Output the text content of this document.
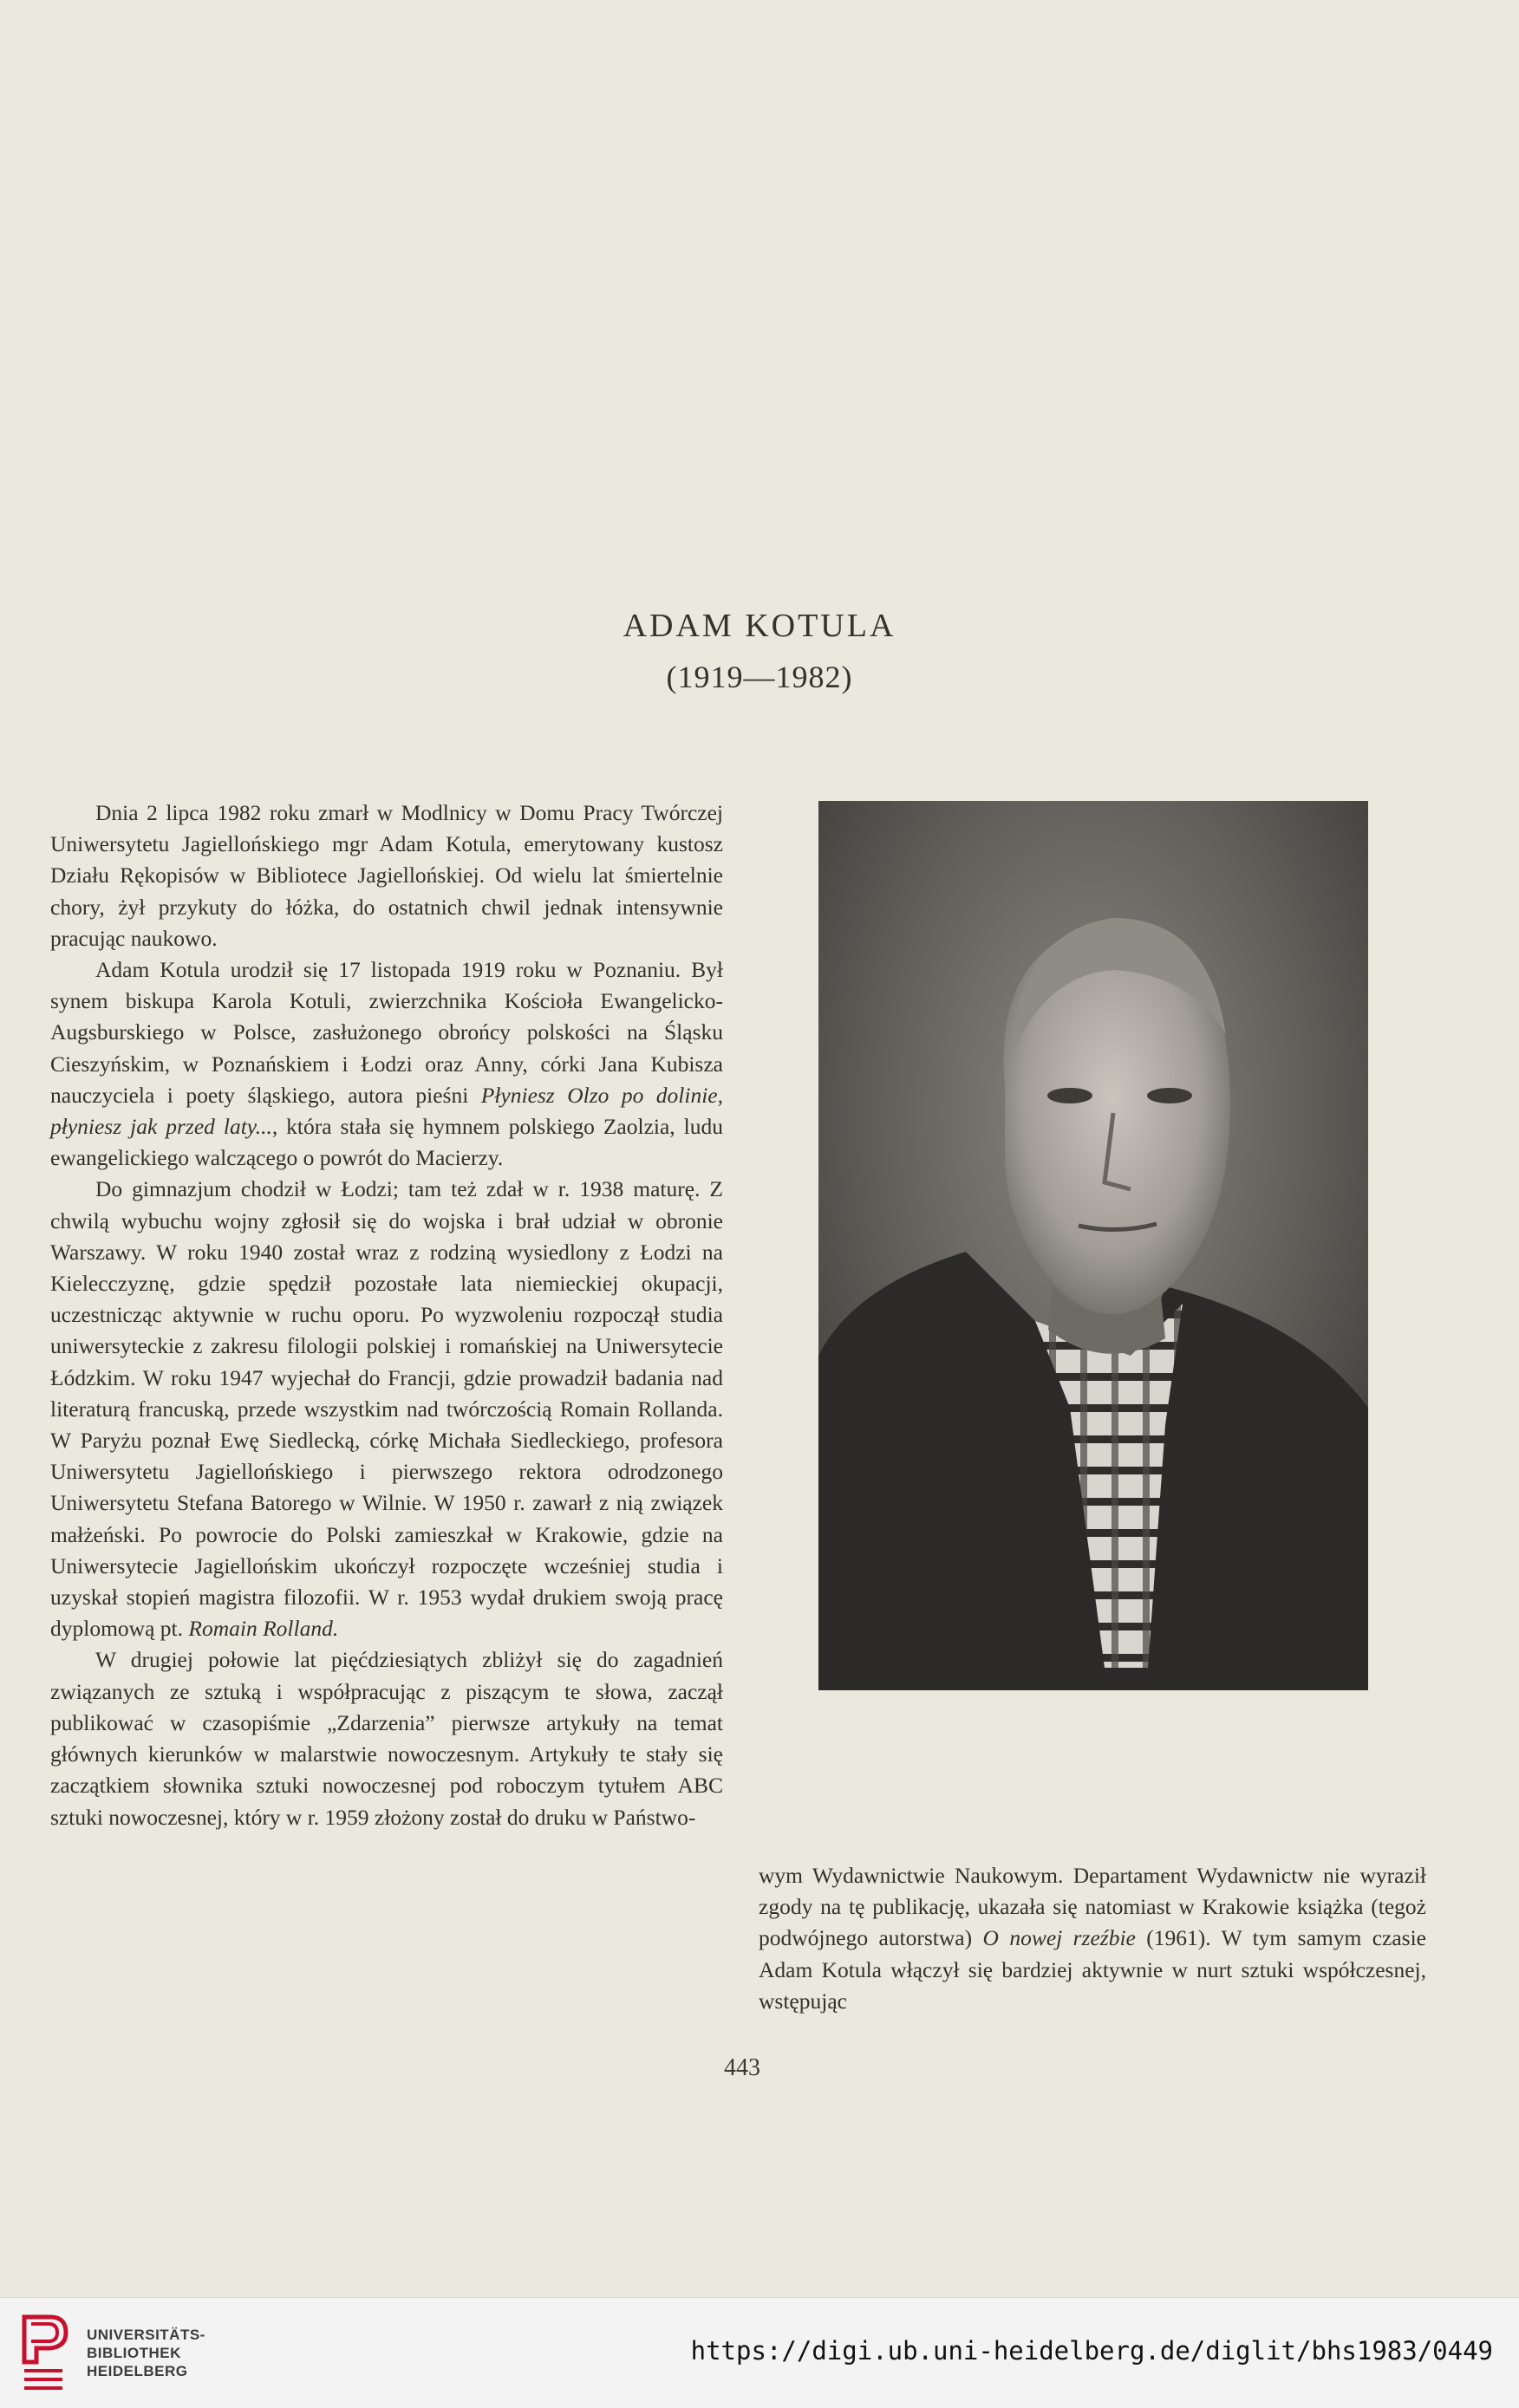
ADAM KOTULA
(1919—1982)

Dnia 2 lipca 1982 roku zmarł w Modlnicy w Domu Pracy Twórczej Uniwersytetu Jagiellońskiego mgr Adam Kotula, emerytowany kustosz Działu Rękopisów w Bibliotece Jagiellońskiej. Od wielu lat śmiertelnie chory, żył przykuty do łóżka, do ostatnich chwil jednak intensywnie pracując naukowo.

Adam Kotula urodził się 17 listopada 1919 roku w Poznaniu. Był synem biskupa Karola Kotuli, zwierzchnika Kościoła Ewangelicko-Augsburskiego w Polsce, zasłużonego obrońcy polskości na Śląsku Cieszyńskim, w Poznańskiem i Łodzi oraz Anny, córki Jana Kubisza nauczyciela i poety śląskiego, autora pieśni Płyniesz Olzo po dolinie, płyniesz jak przed laty..., która stała się hymnem polskiego Zaolzia, ludu ewangelickiego walczącego o powrót do Macierzy.

Do gimnazjum chodził w Łodzi; tam też zdał w r. 1938 maturę. Z chwilą wybuchu wojny zgłosił się do wojska i brał udział w obronie Warszawy. W roku 1940 został wraz z rodziną wysiedlony z Łodzi na Kielecczyznę, gdzie spędził pozostałe lata niemieckiej okupacji, uczestnicząc aktywnie w ruchu oporu. Po wyzwoleniu rozpoczął studia uniwersyteckie z zakresu filologii polskiej i romańskiej na Uniwersytecie Łódzkim. W roku 1947 wyjechał do Francji, gdzie prowadził badania nad literaturą francuską, przede wszystkim nad twórczością Romain Rollanda. W Paryżu poznał Ewę Siedlecką, córkę Michała Siedleckiego, profesora Uniwersytetu Jagiellońskiego i pierwszego rektora odrodzonego Uniwersytetu Stefana Batorego w Wilnie. W 1950 r. zawarł z nią związek małżeński. Po powrocie do Polski zamieszkał w Krakowie, gdzie na Uniwersytecie Jagiellońskim ukończył rozpoczęte wcześniej studia i uzyskał stopień magistra filozofii. W r. 1953 wydał drukiem swoją pracę dyplomową pt. Romain Rolland.

W drugiej połowie lat pięćdziesiątych zbliżył się do zagadnień związanych ze sztuką i współpracując z piszącym te słowa, zaczął publikować w czasopiśmie „Zdarzenia” pierwsze artykuły na temat głównych kierunków w malarstwie nowoczesnym. Artykuły te stały się zaczątkiem słownika sztuki nowoczesnej pod roboczym tytułem ABC sztuki nowoczesnej, który w r. 1959 złożony został do druku w Państwo-

wym Wydawnictwie Naukowym. Departament Wydawnictw nie wyraził zgody na tę publikację, ukazała się natomiast w Krakowie książka (tegoż podwójnego autorstwa) O nowej rzeźbie (1961). W tym samym czasie Adam Kotula włączył się bardziej aktywnie w nurt sztuki współczesnej, wstępując

443
UNIVERSITÄTS-
BIBLIOTHEK
HEIDELBERG
https://digi.ub.uni-heidelberg.de/diglit/bhs1983/0449
